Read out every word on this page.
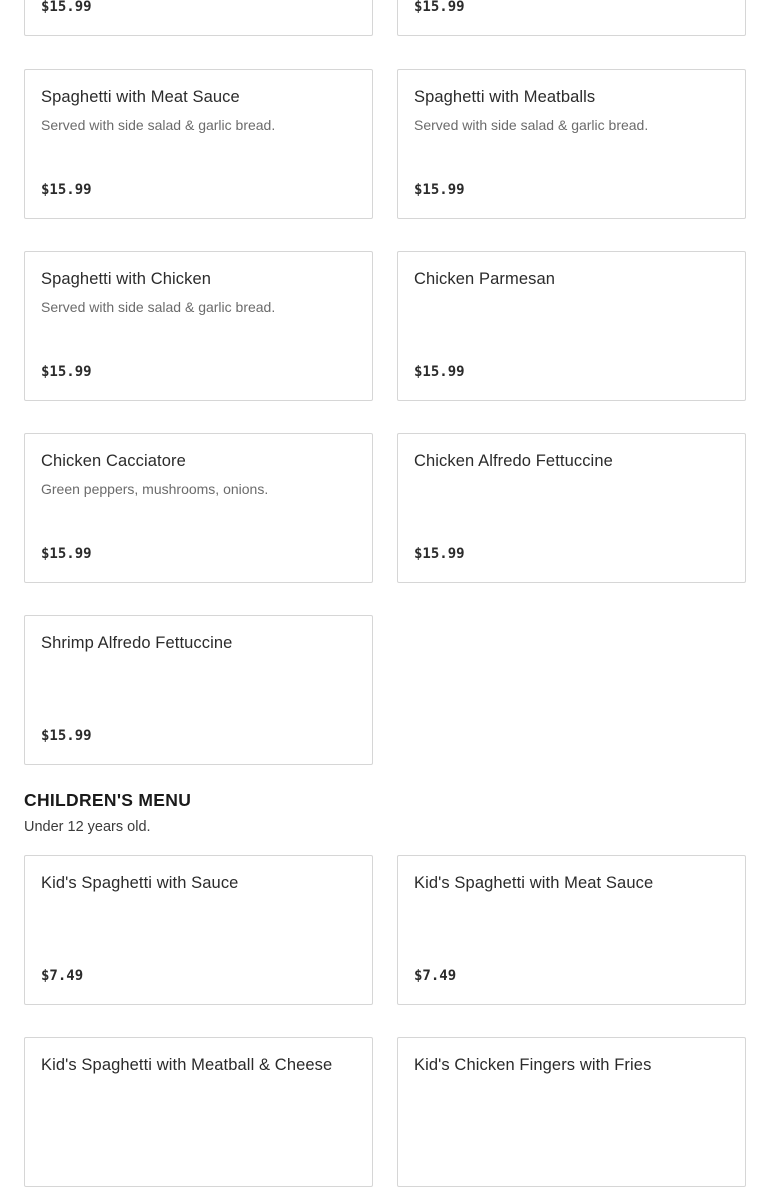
$15.99	$15.99
Spaghetti with Meat Sauce
Served with side salad & garlic bread.
$15.99
Spaghetti with Meatballs
Served with side salad & garlic bread.
$15.99
Spaghetti with Chicken
Served with side salad & garlic bread.
$15.99
Chicken Parmesan
$15.99
Chicken Cacciatore
Green peppers, mushrooms, onions.
$15.99
Chicken Alfredo Fettuccine
$15.99
Shrimp Alfredo Fettuccine
$15.99
CHILDREN'S MENU
Under 12 years old.
Kid's Spaghetti with Sauce
$7.49
Kid's Spaghetti with Meat Sauce
$7.49
Kid's Spaghetti with Meatball & Cheese	Kid's Chicken Fingers with Fries
